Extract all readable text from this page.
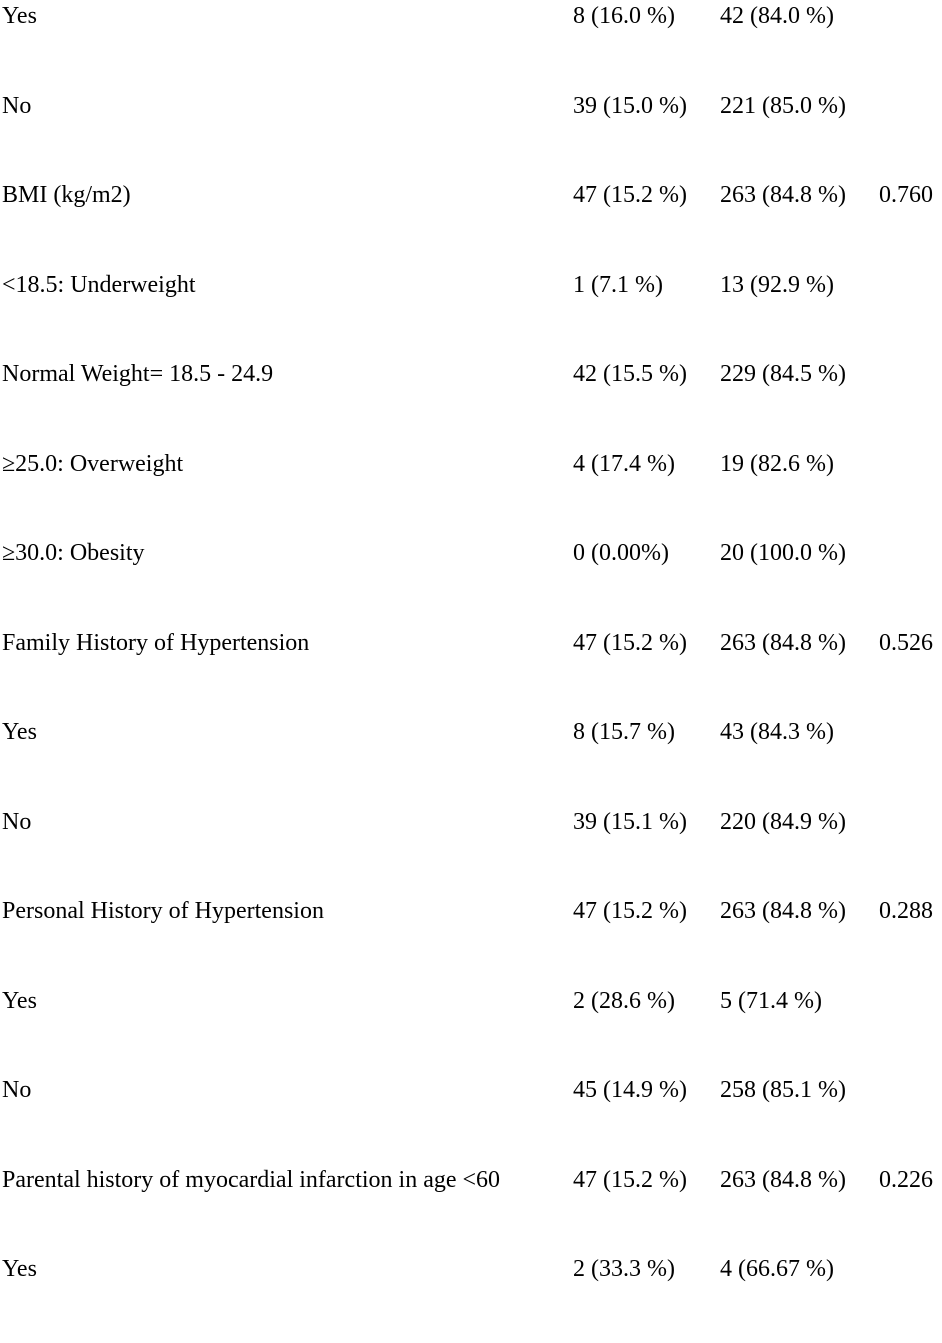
Yes	8 (16.0 %) 42 (84.0 %)
No	39 (15.0 %) 221 (85.0 %)
BMI (kg/m2)	47 (15.2 %) 263 (84.8 %) 0.760
<18.5: Underweight	1 (7.1 %) 13 (92.9 %)
Normal Weight= 18.5 - 24.9	42 (15.5 %) 229 (84.5 %)
≥25.0: Overweight	4 (17.4 %) 19 (82.6 %)
≥30.0: Obesity	0 (0.00%) 20 (100.0 %)
Family History of Hypertension	47 (15.2 %) 263 (84.8 %) 0.526
Yes	8 (15.7 %) 43 (84.3 %)
No	39 (15.1 %) 220 (84.9 %)
Personal History of Hypertension	47 (15.2 %) 263 (84.8 %) 0.288
Yes	2 (28.6 %) 5 (71.4 %)
No	45 (14.9 %) 258 (85.1 %)
Parental history of myocardial infarction in age <60	47 (15.2 %) 263 (84.8 %) 0.226
Yes	2 (33.3 %) 4 (66.67 %)
